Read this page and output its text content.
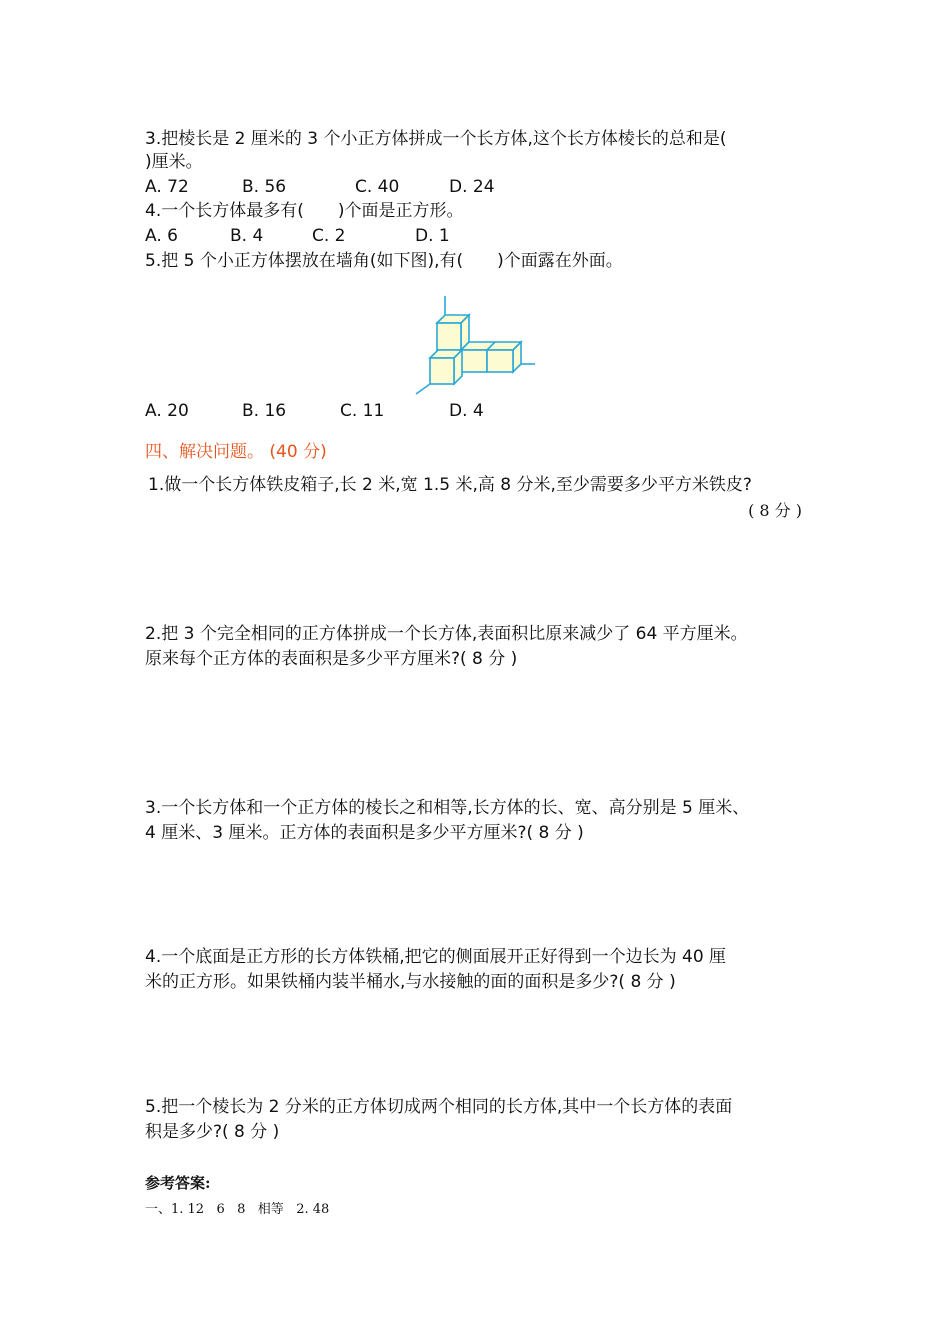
3.把棱长是 2 厘米的 3 个小正方体拼成一个长方体,这个长方体棱长的总和是(
)厘米。
A. 72	B. 56	C. 40	D. 24
4.一个长方体最多有(　　)个面是正方形。
A. 6	B. 4	C. 2	D. 1
5.把 5 个小正方体摆放在墙角(如下图),有(　　)个面露在外面。
A. 20	B. 16	C. 11	D. 4
四、解决问题。 (40 分)
1.做一个长方体铁皮箱子,长 2 米,宽 1.5 米,高 8 分米,至少需要多少平方米铁皮?
( 8 分 )
2.把 3 个完全相同的正方体拼成一个长方体,表面积比原来减少了 64 平方厘米。
原来每个正方体的表面积是多少平方厘米?( 8 分 )
3.一个长方体和一个正方体的棱长之和相等,长方体的长、宽、高分别是 5 厘米、
4 厘米、3 厘米。正方体的表面积是多少平方厘米?( 8 分 )
4.一个底面是正方形的长方体铁桶,把它的侧面展开正好得到一个边长为 40 厘
米的正方形。如果铁桶内装半桶水,与水接触的面的面积是多少?( 8 分 )
5.把一个棱长为 2 分米的正方体切成两个相同的长方体,其中一个长方体的表面
积是多少?( 8 分 )
参考答案:
一、1. 12   6   8   相等   2. 48
